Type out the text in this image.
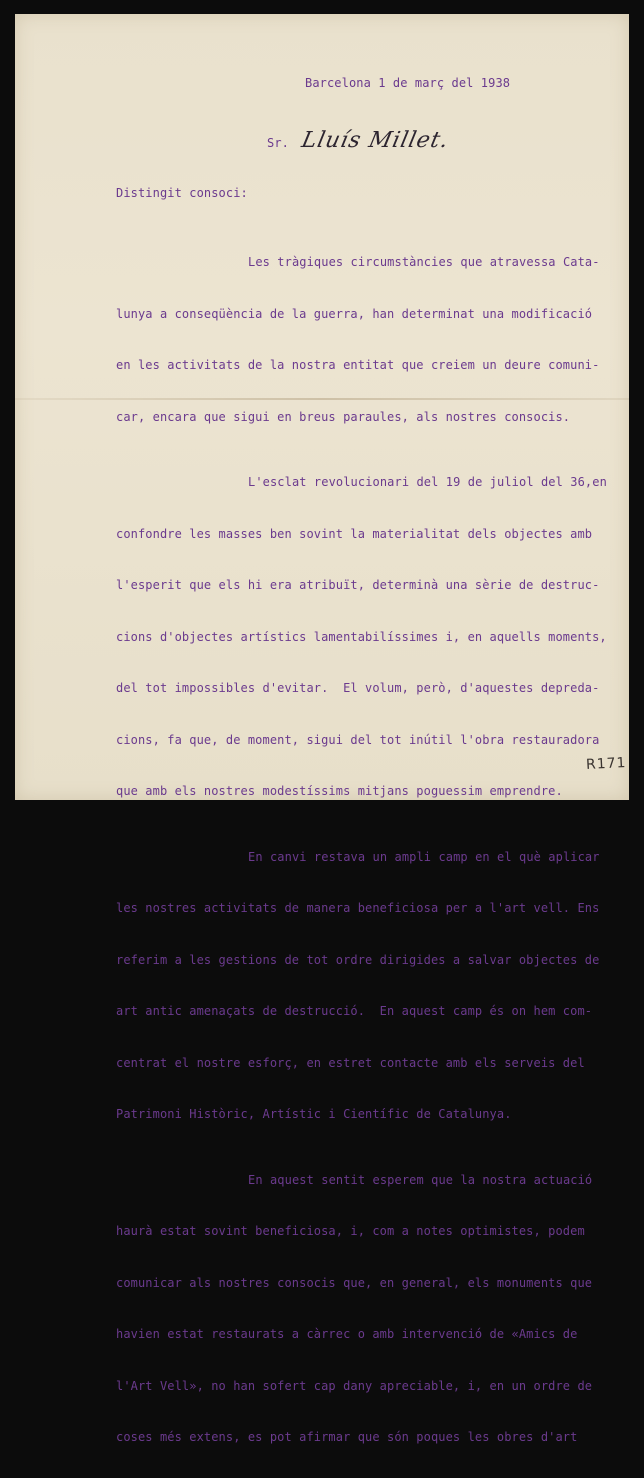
Barcelona 1 de març del 1938
Sr. Lluís Millet.
Distingit consoci:

Les tràgiques circumstàncies que atravessa Cata-

lunya a conseqüència de la guerra, han determinat una modificació

en les activitats de la nostra entitat que creiem un deure comuni-

car, encara que sigui en breus paraules, als nostres consocis.

L'esclat revolucionari del 19 de juliol del 36,en

confondre les masses ben sovint la materialitat dels objectes amb

l'esperit que els hi era atribuït, determinà una sèrie de destruc-

cions d'objectes artístics lamentabilíssimes i, en aquells moments,

del tot impossibles d'evitar.  El volum, però, d'aquestes depreda-

cions, fa que, de moment, sigui del tot inútil l'obra restauradora

que amb els nostres modestíssims mitjans poguessim emprendre.

En canvi restava un ampli camp en el què aplicar

les nostres activitats de manera beneficiosa per a l'art vell. Ens

referim a les gestions de tot ordre dirigides a salvar objectes de

art antic amenaçats de destrucció.  En aquest camp és on hem com-

centrat el nostre esforç, en estret contacte amb els serveis del

Patrimoni Històric, Artístic i Científic de Catalunya.

En aquest sentit esperem que la nostra actuació

haurà estat sovint beneficiosa, i, com a notes optimistes, podem

comunicar als nostres consocis que, en general, els monuments que

havien estat restaurats a càrrec o amb intervenció de «Amics de

l'Art Vell», no han sofert cap dany apreciable, i, en un ordre de

coses més extens, es pot afirmar que són poques les obres d'art

R171
